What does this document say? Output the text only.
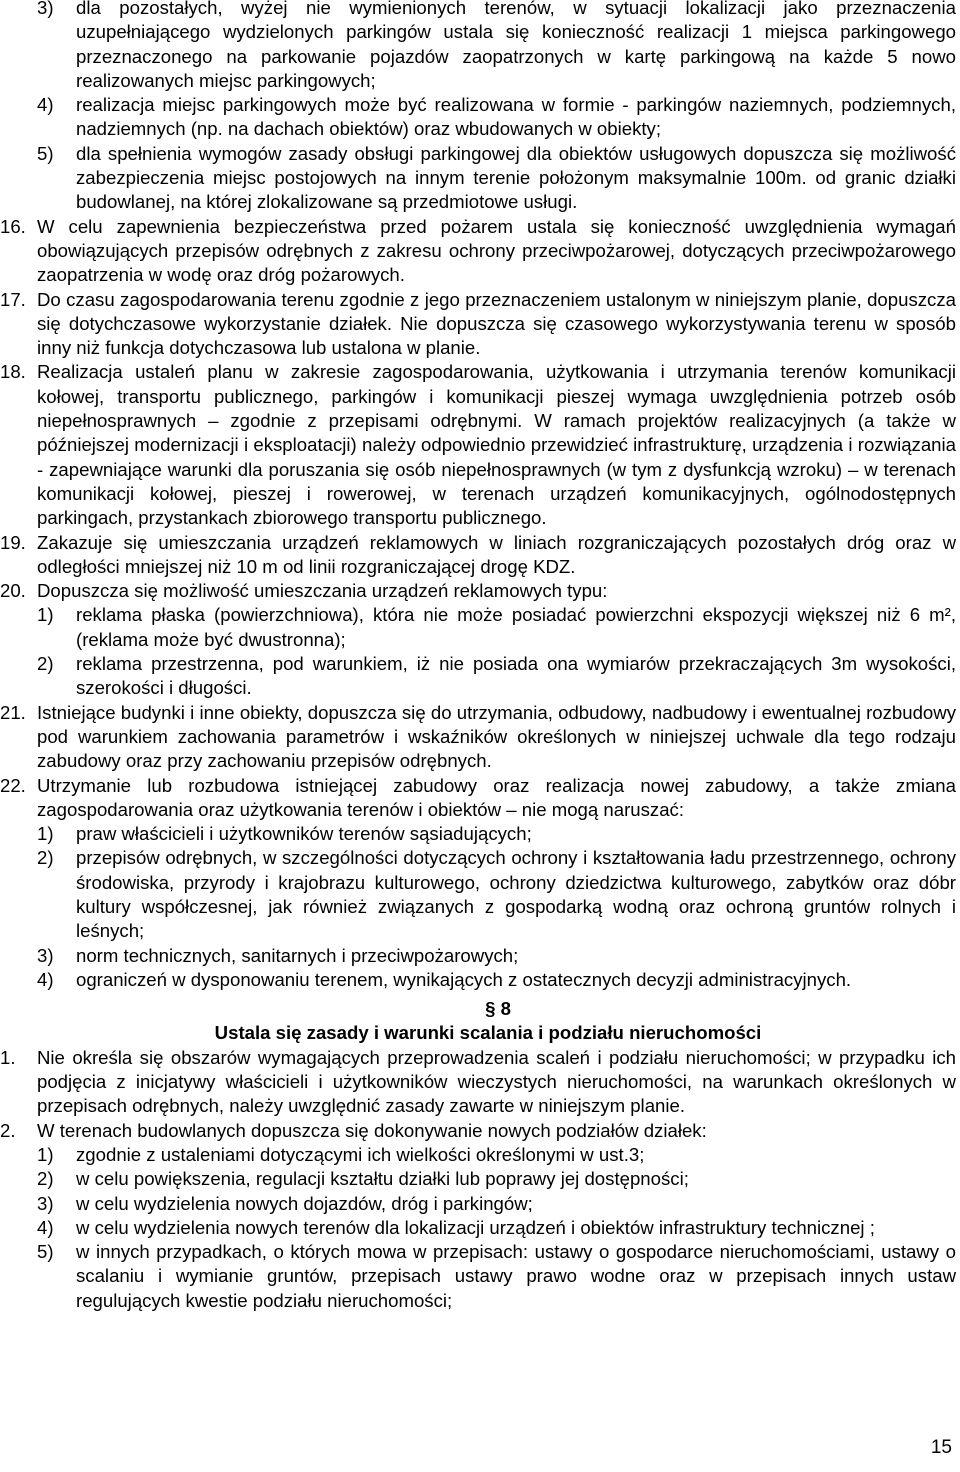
3) dla pozostałych, wyżej nie wymienionych terenów, w sytuacji lokalizacji jako przeznaczenia uzupełniającego wydzielonych parkingów ustala się konieczność realizacji 1 miejsca parkingowego przeznaczonego na parkowanie pojazdów zaopatrzonych w kartę parkingową na każde 5 nowo realizowanych miejsc parkingowych;
4) realizacja miejsc parkingowych może być realizowana w formie - parkingów naziemnych, podziemnych, nadziemnych (np. na dachach obiektów) oraz wbudowanych w obiekty;
5) dla spełnienia wymogów zasady obsługi parkingowej dla obiektów usługowych dopuszcza się możliwość zabezpieczenia miejsc postojowych na innym terenie położonym maksymalnie 100m. od granic działki budowlanej, na której zlokalizowane są przedmiotowe usługi.
16. W celu zapewnienia bezpieczeństwa przed pożarem ustala się konieczność uwzględnienia wymagań obowiązujących przepisów odrębnych z zakresu ochrony przeciwpożarowej, dotyczących przeciwpożarowego zaopatrzenia w wodę oraz dróg pożarowych.
17. Do czasu zagospodarowania terenu zgodnie z jego przeznaczeniem ustalonym w niniejszym planie, dopuszcza się dotychczasowe wykorzystanie działek. Nie dopuszcza się czasowego wykorzystywania terenu w sposób inny niż funkcja dotychczasowa lub ustalona w planie.
18. Realizacja ustaleń planu w zakresie zagospodarowania, użytkowania i utrzymania terenów komunikacji kołowej, transportu publicznego, parkingów i komunikacji pieszej wymaga uwzględnienia potrzeb osób niepełnosprawnych – zgodnie z przepisami odrębnymi. W ramach projektów realizacyjnych (a także w późniejszej modernizacji i eksploatacji) należy odpowiednio przewidzieć infrastrukturę, urządzenia i rozwiązania - zapewniające warunki dla poruszania się osób niepełnosprawnych (w tym z dysfunkcją wzroku) – w terenach komunikacji kołowej, pieszej i rowerowej, w terenach urządzeń komunikacyjnych, ogólnodostępnych parkingach, przystankach zbiorowego transportu publicznego.
19. Zakazuje się umieszczania urządzeń reklamowych w liniach rozgraniczających pozostałych dróg oraz w odległości mniejszej niż 10 m od linii rozgraniczającej drogę KDZ.
20. Dopuszcza się możliwość umieszczania urządzeń reklamowych typu:
1) reklama płaska (powierzchniowa), która nie może posiadać powierzchni ekspozycji większej niż 6 m², (reklama może być dwustronna);
2) reklama przestrzenna, pod warunkiem, iż nie posiada ona wymiarów przekraczających 3m wysokości, szerokości i długości.
21. Istniejące budynki i inne obiekty, dopuszcza się do utrzymania, odbudowy, nadbudowy i ewentualnej rozbudowy pod warunkiem zachowania parametrów i wskaźników określonych w niniejszej uchwale dla tego rodzaju zabudowy oraz przy zachowaniu przepisów odrębnych.
22. Utrzymanie lub rozbudowa istniejącej zabudowy oraz realizacja nowej zabudowy, a także zmiana zagospodarowania oraz użytkowania terenów i obiektów – nie mogą naruszać:
1) praw właścicieli i użytkowników terenów sąsiadujących;
2) przepisów odrębnych, w szczególności dotyczących ochrony i kształtowania ładu przestrzennego, ochrony środowiska, przyrody i krajobrazu kulturowego, ochrony dziedzictwa kulturowego, zabytków oraz dóbr kultury współczesnej, jak również związanych z gospodarką wodną oraz ochroną gruntów rolnych i leśnych;
3) norm technicznych, sanitarnych i przeciwpożarowych;
4) ograniczeń w dysponowaniu terenem, wynikających z ostatecznych decyzji administracyjnych.
§ 8
Ustala się zasady i warunki scalania i podziału nieruchomości
1. Nie określa się obszarów wymagających przeprowadzenia scaleń i podziału nieruchomości; w przypadku ich podjęcia z inicjatywy właścicieli i użytkowników wieczystych nieruchomości, na warunkach określonych w przepisach odrębnych, należy uwzględnić zasady zawarte w niniejszym planie.
2. W terenach budowlanych dopuszcza się dokonywanie nowych podziałów działek:
1) zgodnie z ustaleniami dotyczącymi ich wielkości określonymi w ust.3;
2) w celu powiększenia, regulacji kształtu działki lub poprawy jej dostępności;
3) w celu wydzielenia nowych dojazdów, dróg i parkingów;
4) w celu wydzielenia nowych terenów dla lokalizacji urządzeń i obiektów infrastruktury technicznej ;
5) w innych przypadkach, o których mowa w przepisach: ustawy o gospodarce nieruchomościami, ustawy o scalaniu i wymianie gruntów, przepisach ustawy prawo wodne oraz w przepisach innych ustaw regulujących kwestie podziału nieruchomości;
15
